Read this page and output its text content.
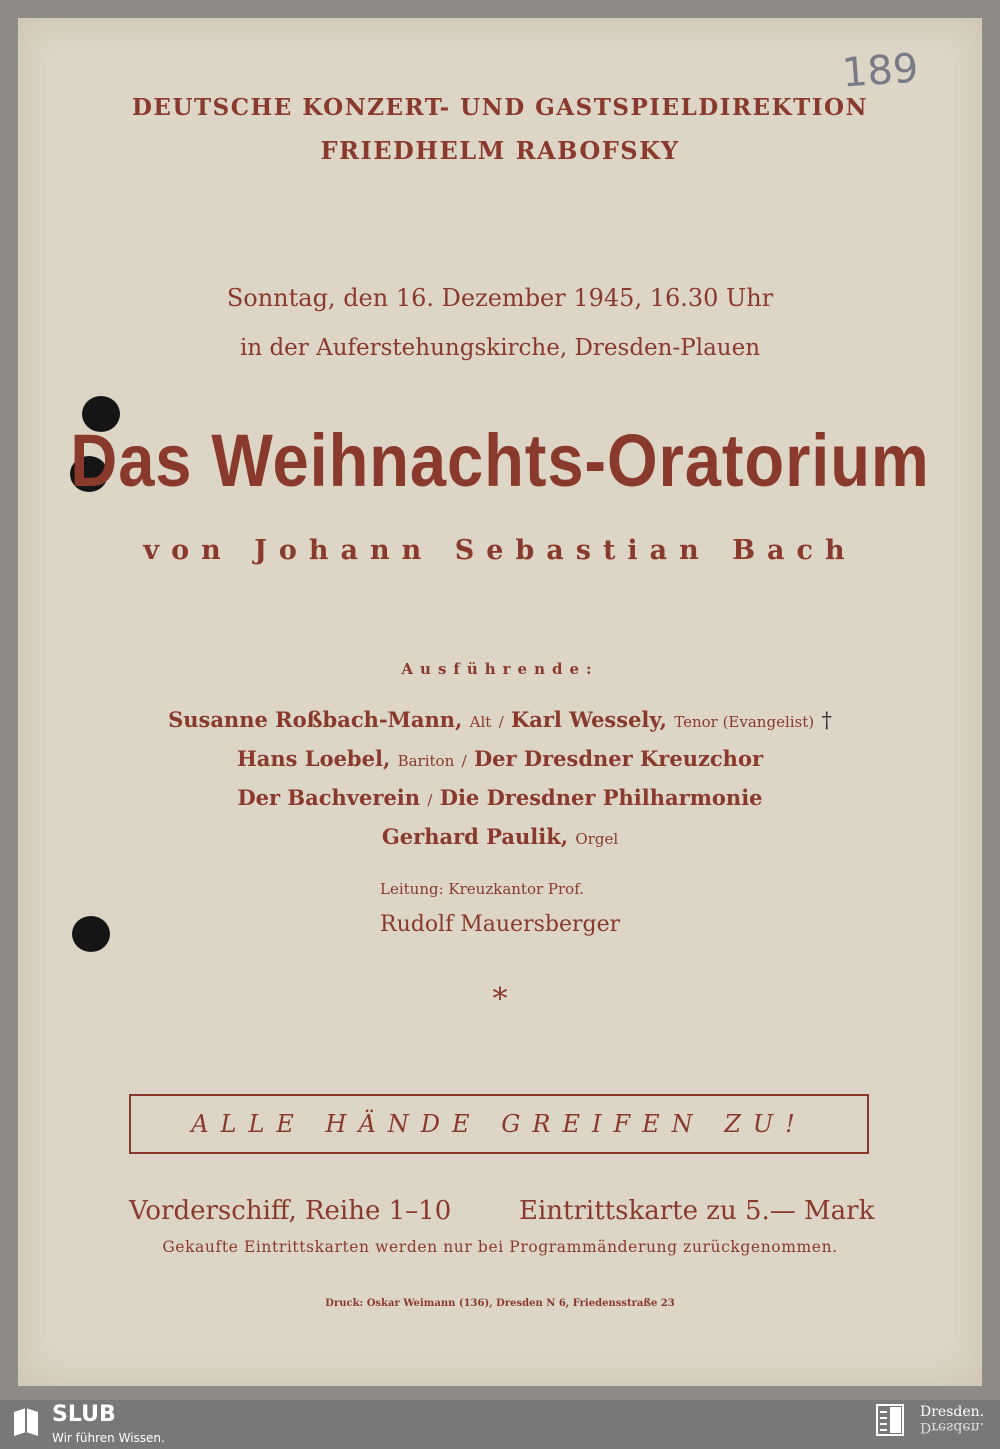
189
DEUTSCHE KONZERT- UND GASTSPIELDIREKTION
FRIEDHELM RABOFSKY
Sonntag, den 16. Dezember 1945, 16.30 Uhr
in der Auferstehungskirche, Dresden-Plauen
Das Weihnachts-Oratorium
von Johann Sebastian Bach
Ausführende:
Susanne Roßbach-Mann, Alt / Karl Wessely, Tenor (Evangelist) †
Hans Loebel, Bariton / Der Dresdner Kreuzchor
Der Bachverein / Die Dresdner Philharmonie
Gerhard Paulik, Orgel
Leitung: Kreuzkantor Prof.
Rudolf Mauersberger
*
ALLE HÄNDE GREIFEN ZU!
Vorderschiff, Reihe 1–10	Eintrittskarte zu 5.— Mark
Gekaufte Eintrittskarten werden nur bei Programmänderung zurückgenommen.
Druck: Oskar Weimann (136), Dresden N 6, Friedensstraße 23
SLUB
Wir führen Wissen.
Dresden.
Dresden.
